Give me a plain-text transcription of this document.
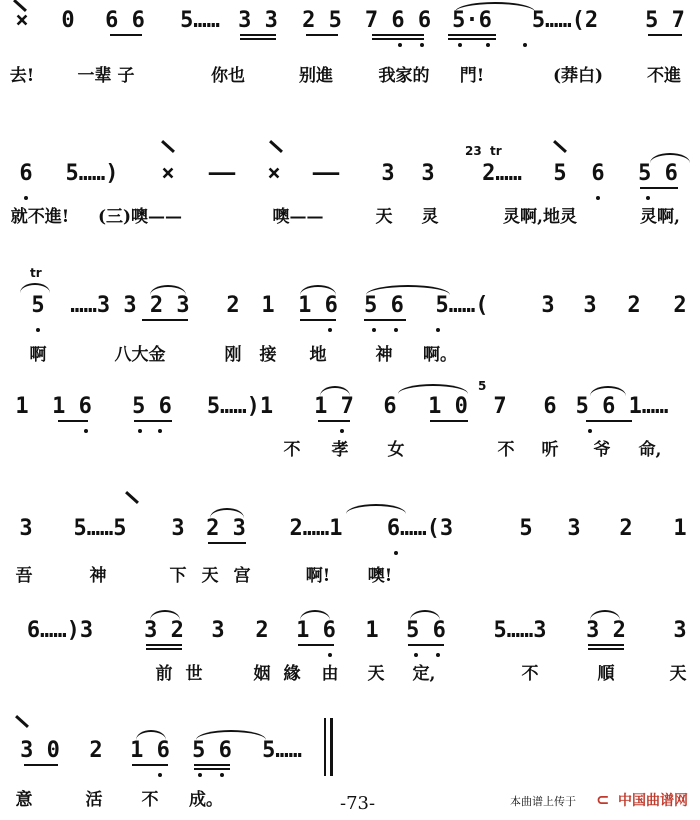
× 0 6 6 5…… 3 3 2 5 7 6 6 5·6 5……(2 5 7
去!	一辈 子	你也	别進	我家的 門!	(莽白)	不進
6 5……) × —— × —— 3 3
23 tr
2…… 5 6 5 6
就不進! (三)噢——	噢——	天 灵	灵啊,地灵	灵啊,
tr
5 ……3 3 2 3 2 1 1 6 5 6 5……( 3 3 2 2
啊	八大金	刚 接 地	神 啊。
1 1 6 5 6 5……)1 1 7 6 1 0
5
7 6 5 6 1……
不 孝 女	不 听 爷 命,
3 5……5 3 2 3 2……1 6……(3	5 3 2 1
吾	神	下 天 宫	啊! 噢!
6……)3 3 2 3 2 1 6 1 5 6 5……3 3 2 3
前 世	姻 緣 由 天 定,	不	順	天
3 0 2 1 6 5 6 5……
意	活 不 成。	-73-	本曲谱上传于 ⊂ 中国曲谱网
